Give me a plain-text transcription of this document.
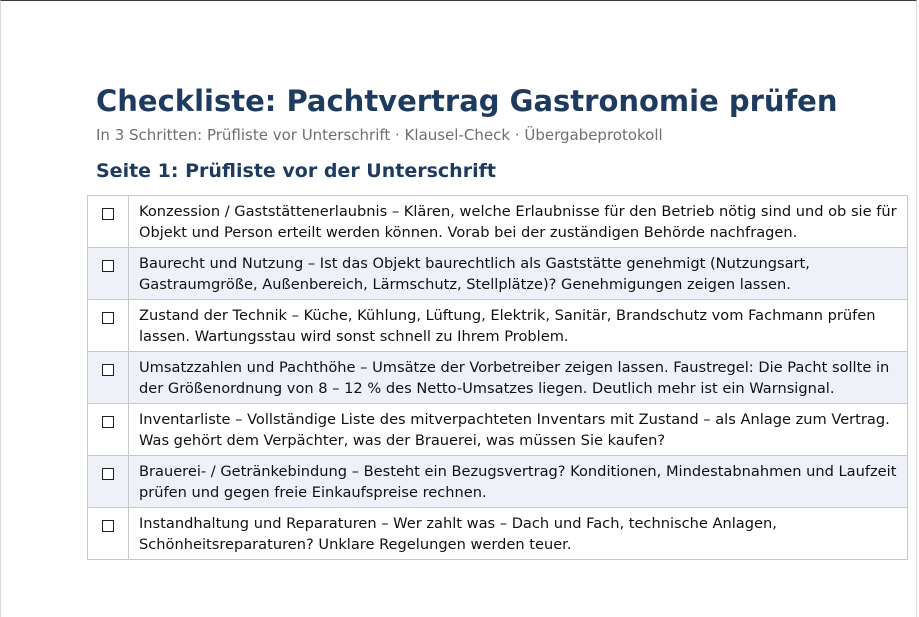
Checkliste: Pachtvertrag Gastronomie prüfen

In 3 Schritten: Prüfliste vor Unterschrift · Klausel-Check · Übergabeprotokoll

Seite 1: Prüfliste vor der Unterschrift
	Konzession / Gaststättenerlaubnis – Klären, welche Erlaubnisse für den Betrieb nötig sind und ob sie für Objekt und Person erteilt werden können. Vorab bei der zuständigen Behörde nachfragen.

	Baurecht und Nutzung – Ist das Objekt baurechtlich als Gaststätte genehmigt (Nutzungsart, Gastraumgröße, Außenbereich, Lärmschutz, Stellplätze)? Genehmigungen zeigen lassen.

	Zustand der Technik – Küche, Kühlung, Lüftung, Elektrik, Sanitär, Brandschutz vom Fachmann prüfen lassen. Wartungsstau wird sonst schnell zu Ihrem Problem.

	Umsatzzahlen und Pachthöhe – Umsätze der Vorbetreiber zeigen lassen. Faustregel: Die Pacht sollte in der Größenordnung von 8 – 12 % des Netto-Umsatzes liegen. Deutlich mehr ist ein Warnsignal.

	Inventarliste – Vollständige Liste des mitverpachteten Inventars mit Zustand – als Anlage zum Vertrag. Was gehört dem Verpächter, was der Brauerei, was müssen Sie kaufen?

	Brauerei- / Getränkebindung – Besteht ein Bezugsvertrag? Konditionen, Mindestabnahmen und Laufzeit prüfen und gegen freie Einkaufspreise rechnen.

	Instandhaltung und Reparaturen – Wer zahlt was – Dach und Fach, technische Anlagen, Schönheitsreparaturen? Unklare Regelungen werden teuer.
